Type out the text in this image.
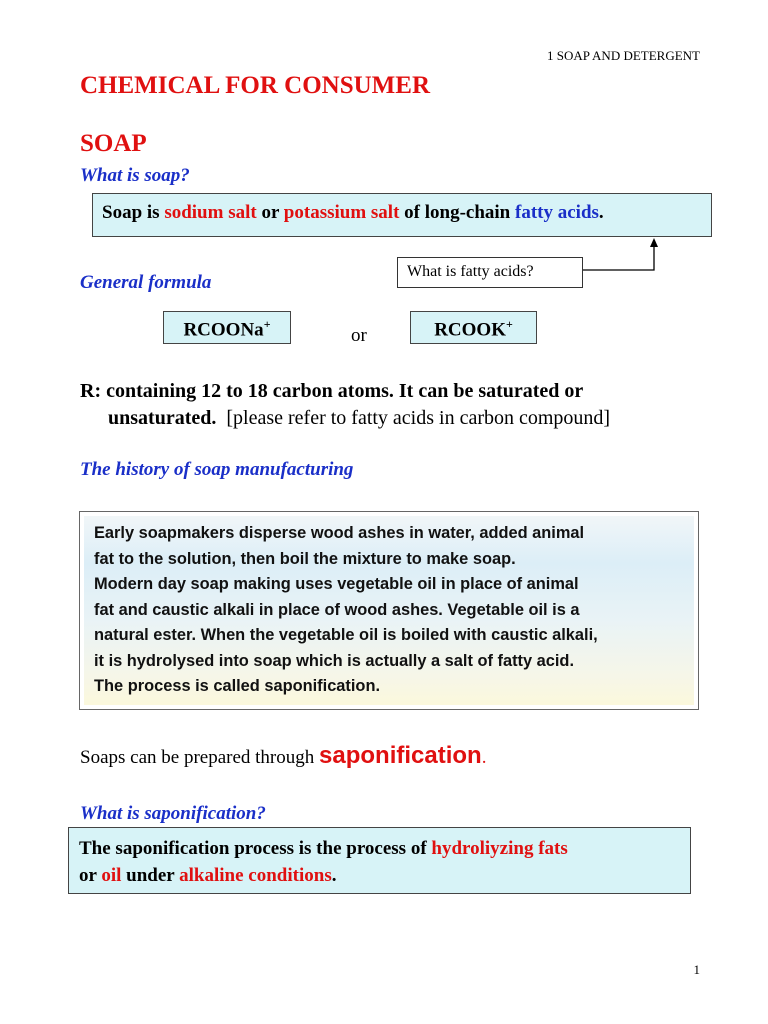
1 SOAP AND DETERGENT
CHEMICAL FOR CONSUMER
SOAP
What is soap?
Soap is sodium salt or potassium salt of long-chain fatty acids.
What is fatty acids?
General formula
RCOONa+
or	RCOOK+
R: containing 12 to 18 carbon atoms. It can be saturated or
unsaturated.  [please refer to fatty acids in carbon compound]
The history of soap manufacturing
Early soapmakers disperse wood ashes in water, added animal
fat to the solution, then boil the mixture to make soap.
Modern day soap making uses vegetable oil in place of animal
fat and caustic alkali in place of wood ashes. Vegetable oil is a
natural ester. When the vegetable oil is boiled with caustic alkali,
it is hydrolysed into soap which is actually a salt of fatty acid.
The process is called saponification.
Soaps can be prepared through saponification.
What is saponification?
The saponification process is the process of hydroliyzing fats
or oil under alkaline conditions.
1
